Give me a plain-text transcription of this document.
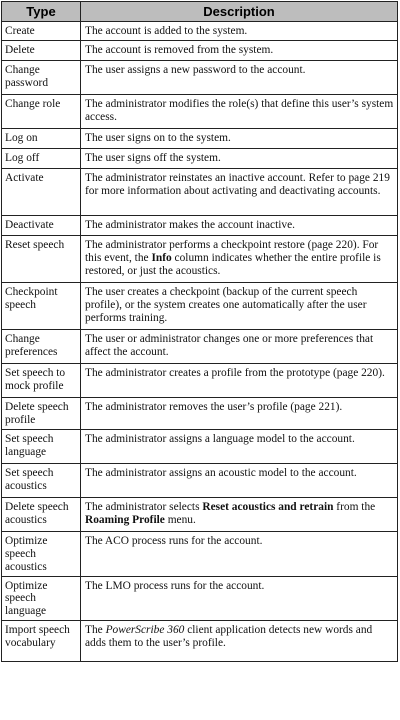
Type	Description
Create	The account is added to the system.
Delete	The account is removed from the system.
Change password	The user assigns a new password to the account.
Change role	The administrator modifies the role(s) that define this user’s system access.
Log on	The user signs on to the system.
Log off	The user signs off the system.
Activate	The administrator reinstates an inactive account. Refer to page 219 for more information about activating and deactivating accounts.
Deactivate	The administrator makes the account inactive.
Reset speech	The administrator performs a checkpoint restore (page 220). For this event, the Info column indicates whether the entire profile is restored, or just the acoustics.
Checkpoint speech	The user creates a checkpoint (backup of the current speech profile), or the system creates one automatically after the user performs training.
Change preferences	The user or administrator changes one or more preferences that affect the account.
Set speech to mock profile	The administrator creates a profile from the prototype (page 220).
Delete speech profile	The administrator removes the user’s profile (page 221).
Set speech language	The administrator assigns a language model to the account.
Set speech acoustics	The administrator assigns an acoustic model to the account.
Delete speech acoustics	The administrator selects Reset acoustics and retrain from the Roaming Profile menu.
Optimize speech acoustics	The ACO process runs for the account.
Optimize speech language	The LMO process runs for the account.
Import speech vocabulary	The PowerScribe 360 client application detects new words and adds them to the user’s profile.
